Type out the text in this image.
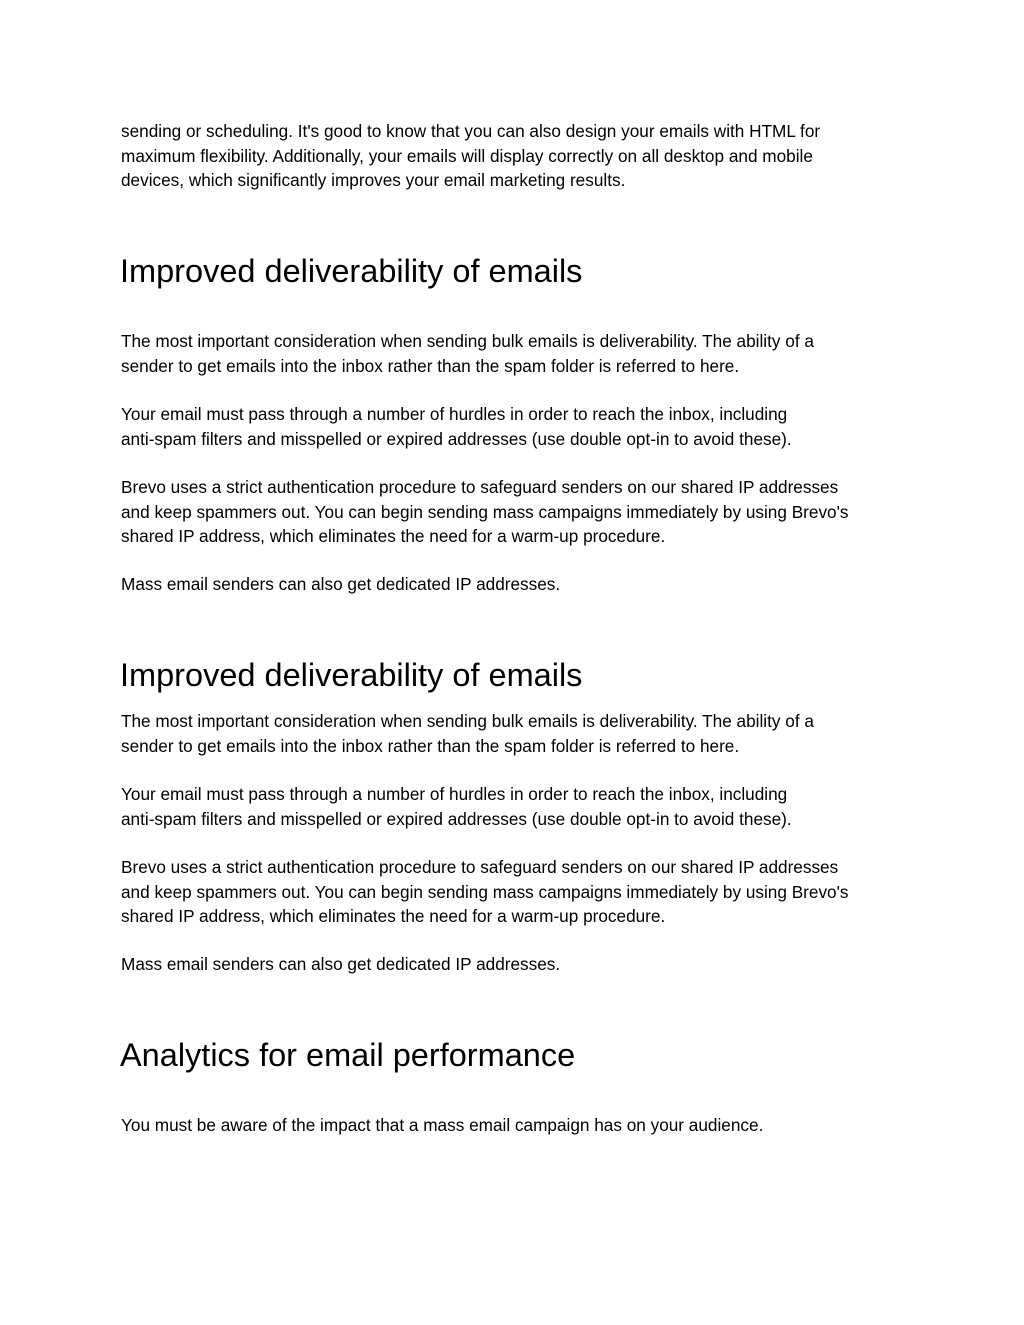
sending or scheduling. It's good to know that you can also design your emails with HTML for
maximum flexibility. Additionally, your emails will display correctly on all desktop and mobile
devices, which significantly improves your email marketing results.

Improved deliverability of emails

The most important consideration when sending bulk emails is deliverability. The ability of a
sender to get emails into the inbox rather than the spam folder is referred to here.

Your email must pass through a number of hurdles in order to reach the inbox, including
anti-spam filters and misspelled or expired addresses (use double opt-in to avoid these).

Brevo uses a strict authentication procedure to safeguard senders on our shared IP addresses
and keep spammers out. You can begin sending mass campaigns immediately by using Brevo's
shared IP address, which eliminates the need for a warm-up procedure.

Mass email senders can also get dedicated IP addresses.

Improved deliverability of emails

The most important consideration when sending bulk emails is deliverability. The ability of a
sender to get emails into the inbox rather than the spam folder is referred to here.

Your email must pass through a number of hurdles in order to reach the inbox, including
anti-spam filters and misspelled or expired addresses (use double opt-in to avoid these).

Brevo uses a strict authentication procedure to safeguard senders on our shared IP addresses
and keep spammers out. You can begin sending mass campaigns immediately by using Brevo's
shared IP address, which eliminates the need for a warm-up procedure.

Mass email senders can also get dedicated IP addresses.

Analytics for email performance

You must be aware of the impact that a mass email campaign has on your audience.
